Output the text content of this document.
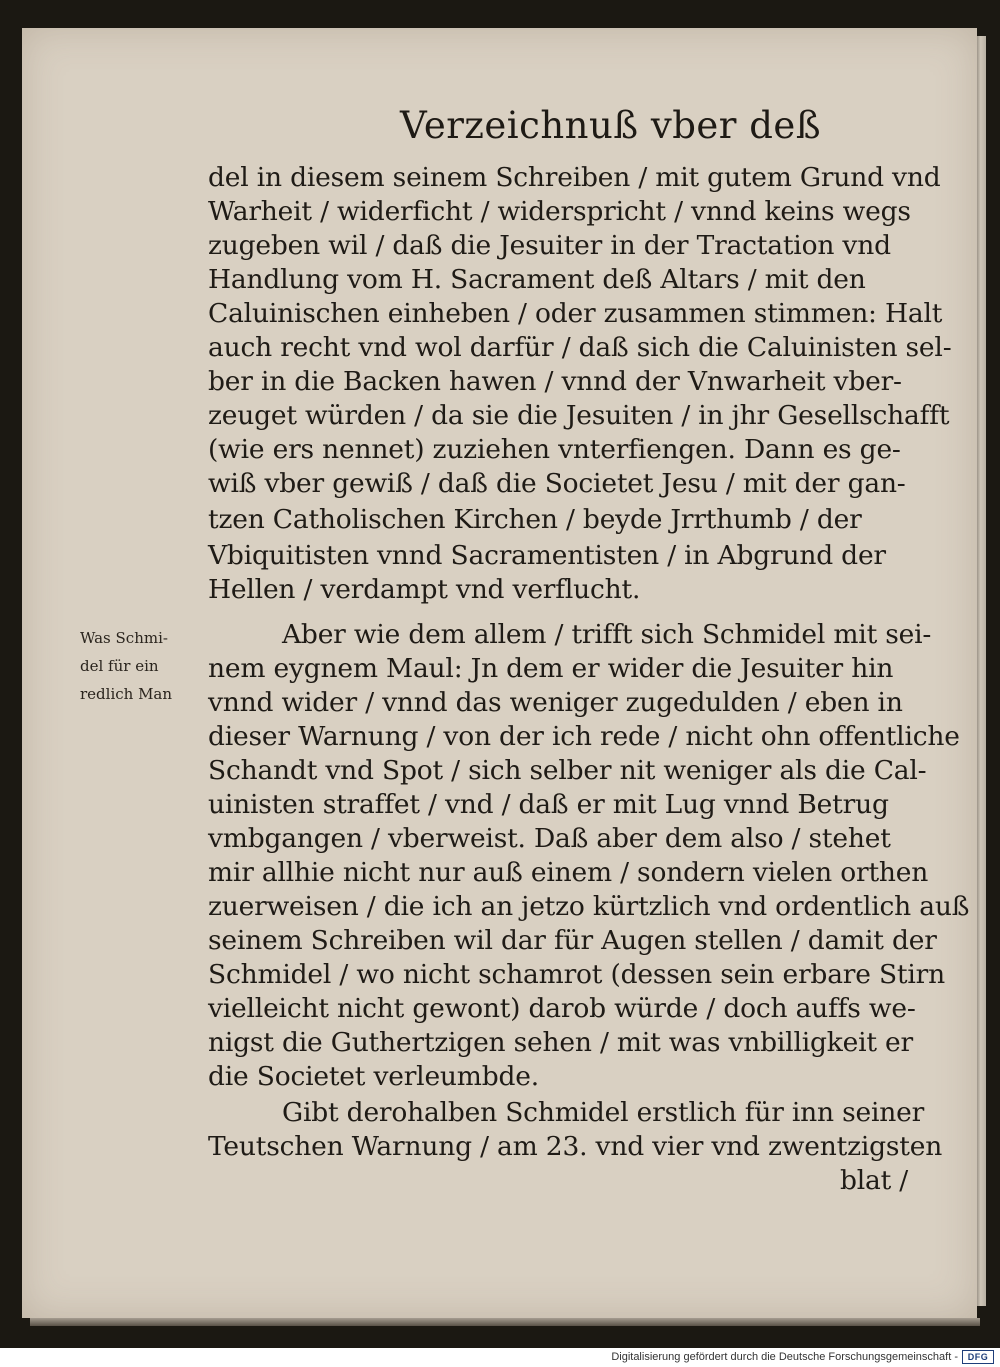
Verzeichnuß vber deß
del in diesem seinem Schreiben / mit gutem Grund vnd
Warheit / widerficht / widerspricht / vnnd keins wegs
zugeben wil / daß die Jesuiter in der Tractation vnd
Handlung vom H. Sacrament deß Altars / mit den
Caluinischen einheben / oder zusammen stimmen: Halt
auch recht vnd wol darfür / daß sich die Caluinisten sel-
ber in die Backen hawen / vnnd der Vnwarheit vber-
zeuget würden / da sie die Jesuiten / in jhr Gesellschafft
(wie ers nennet) zuziehen vnterfiengen. Dann es ge-
wiß vber gewiß / daß die Societet Jesu / mit der gan-
tzen Catholischen Kirchen / beyde Jrrthumb / der
Vbiquitisten vnnd Sacramentisten / in Abgrund der
Hellen / verdampt vnd verflucht.
Aber wie dem allem / trifft sich Schmidel mit sei-
nem eygnem Maul: Jn dem er wider die Jesuiter hin
vnnd wider / vnnd das weniger zugedulden / eben in
dieser Warnung / von der ich rede / nicht ohn offentliche
Schandt vnd Spot / sich selber nit weniger als die Cal-
uinisten straffet / vnd / daß er mit Lug vnnd Betrug
vmbgangen / vberweist. Daß aber dem also / stehet
mir allhie nicht nur auß einem / sondern vielen orthen
zuerweisen / die ich an jetzo kürtzlich vnd ordentlich auß
seinem Schreiben wil dar für Augen stellen / damit der
Schmidel / wo nicht schamrot (dessen sein erbare Stirn
vielleicht nicht gewont) darob würde / doch auffs we-
nigst die Guthertzigen sehen / mit was vnbilligkeit er
die Societet verleumbde.
Gibt derohalben Schmidel erstlich für inn seiner
Teutschen Warnung / am 23. vnd vier vnd zwentzigsten
blat /
Was Schmi-
del für ein
redlich Man
Digitalisierung gefördert durch die Deutsche Forschungsgemeinschaft -	DFG
